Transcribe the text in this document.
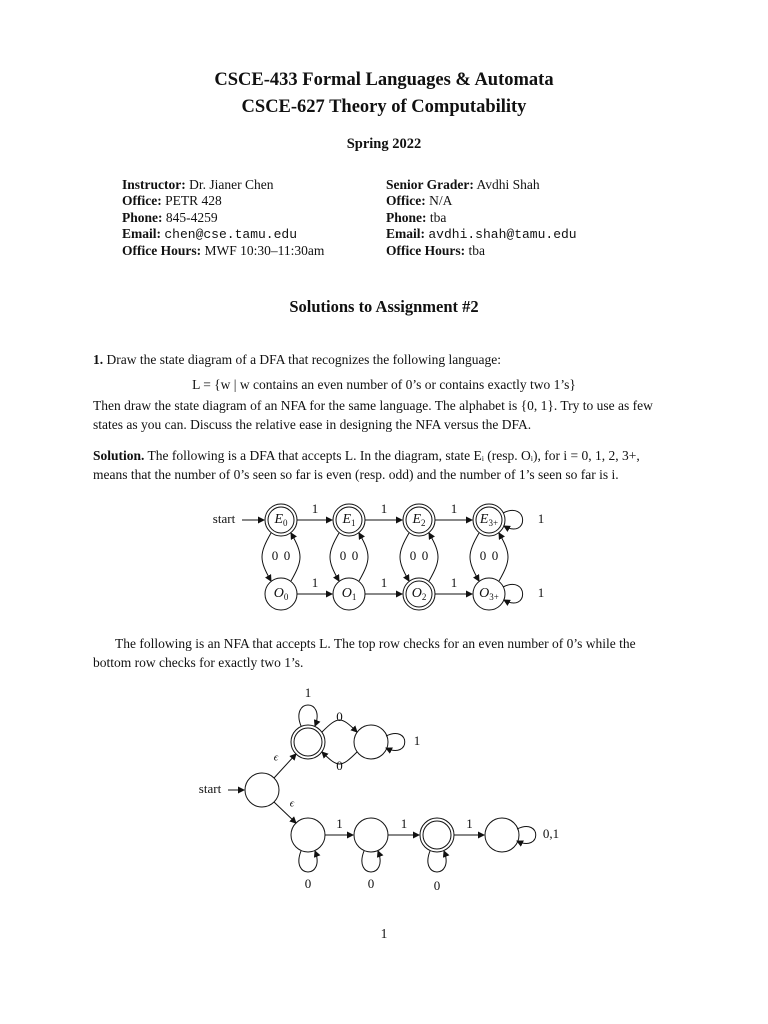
CSCE-433 Formal Languages & Automata
CSCE-627 Theory of Computability
Spring 2022
Instructor: Dr. Jianer Chen
Office: PETR 428
Phone: 845-4259
Email: chen@cse.tamu.edu
Office Hours: MWF 10:30–11:30am
Senior Grader: Avdhi Shah
Office: N/A
Phone: tba
Email: avdhi.shah@tamu.edu
Office Hours: tba
Solutions to Assignment #2
1. Draw the state diagram of a DFA that recognizes the following language:
L = {w | w contains an even number of 0’s or contains exactly two 1’s}
Then draw the state diagram of an NFA for the same language. The alphabet is {0, 1}. Try to use as few states as you can. Discuss the relative ease in designing the NFA versus the DFA.
Solution. The following is a DFA that accepts L. In the diagram, state Eᵢ (resp. Oᵢ), for i = 0, 1, 2, 3+, means that the number of 0’s seen so far is even (resp. odd) and the number of 1’s seen so far is i.
start	$E_0$
$O_0$
0 0
1
1
$E_1$
$O_1$
0 0
1
1
$E_2$
$O_2$
0 0
1
1
$E_{3+}$
$O_{3+}$
0 0
1
1
The following is an NFA that accepts L. The top row checks for an even number of 0’s while the bottom row checks for exactly two 1’s.
start
ϵ
ϵ
1
0
0
1
1	1	1
0	0	0
0,1
1
